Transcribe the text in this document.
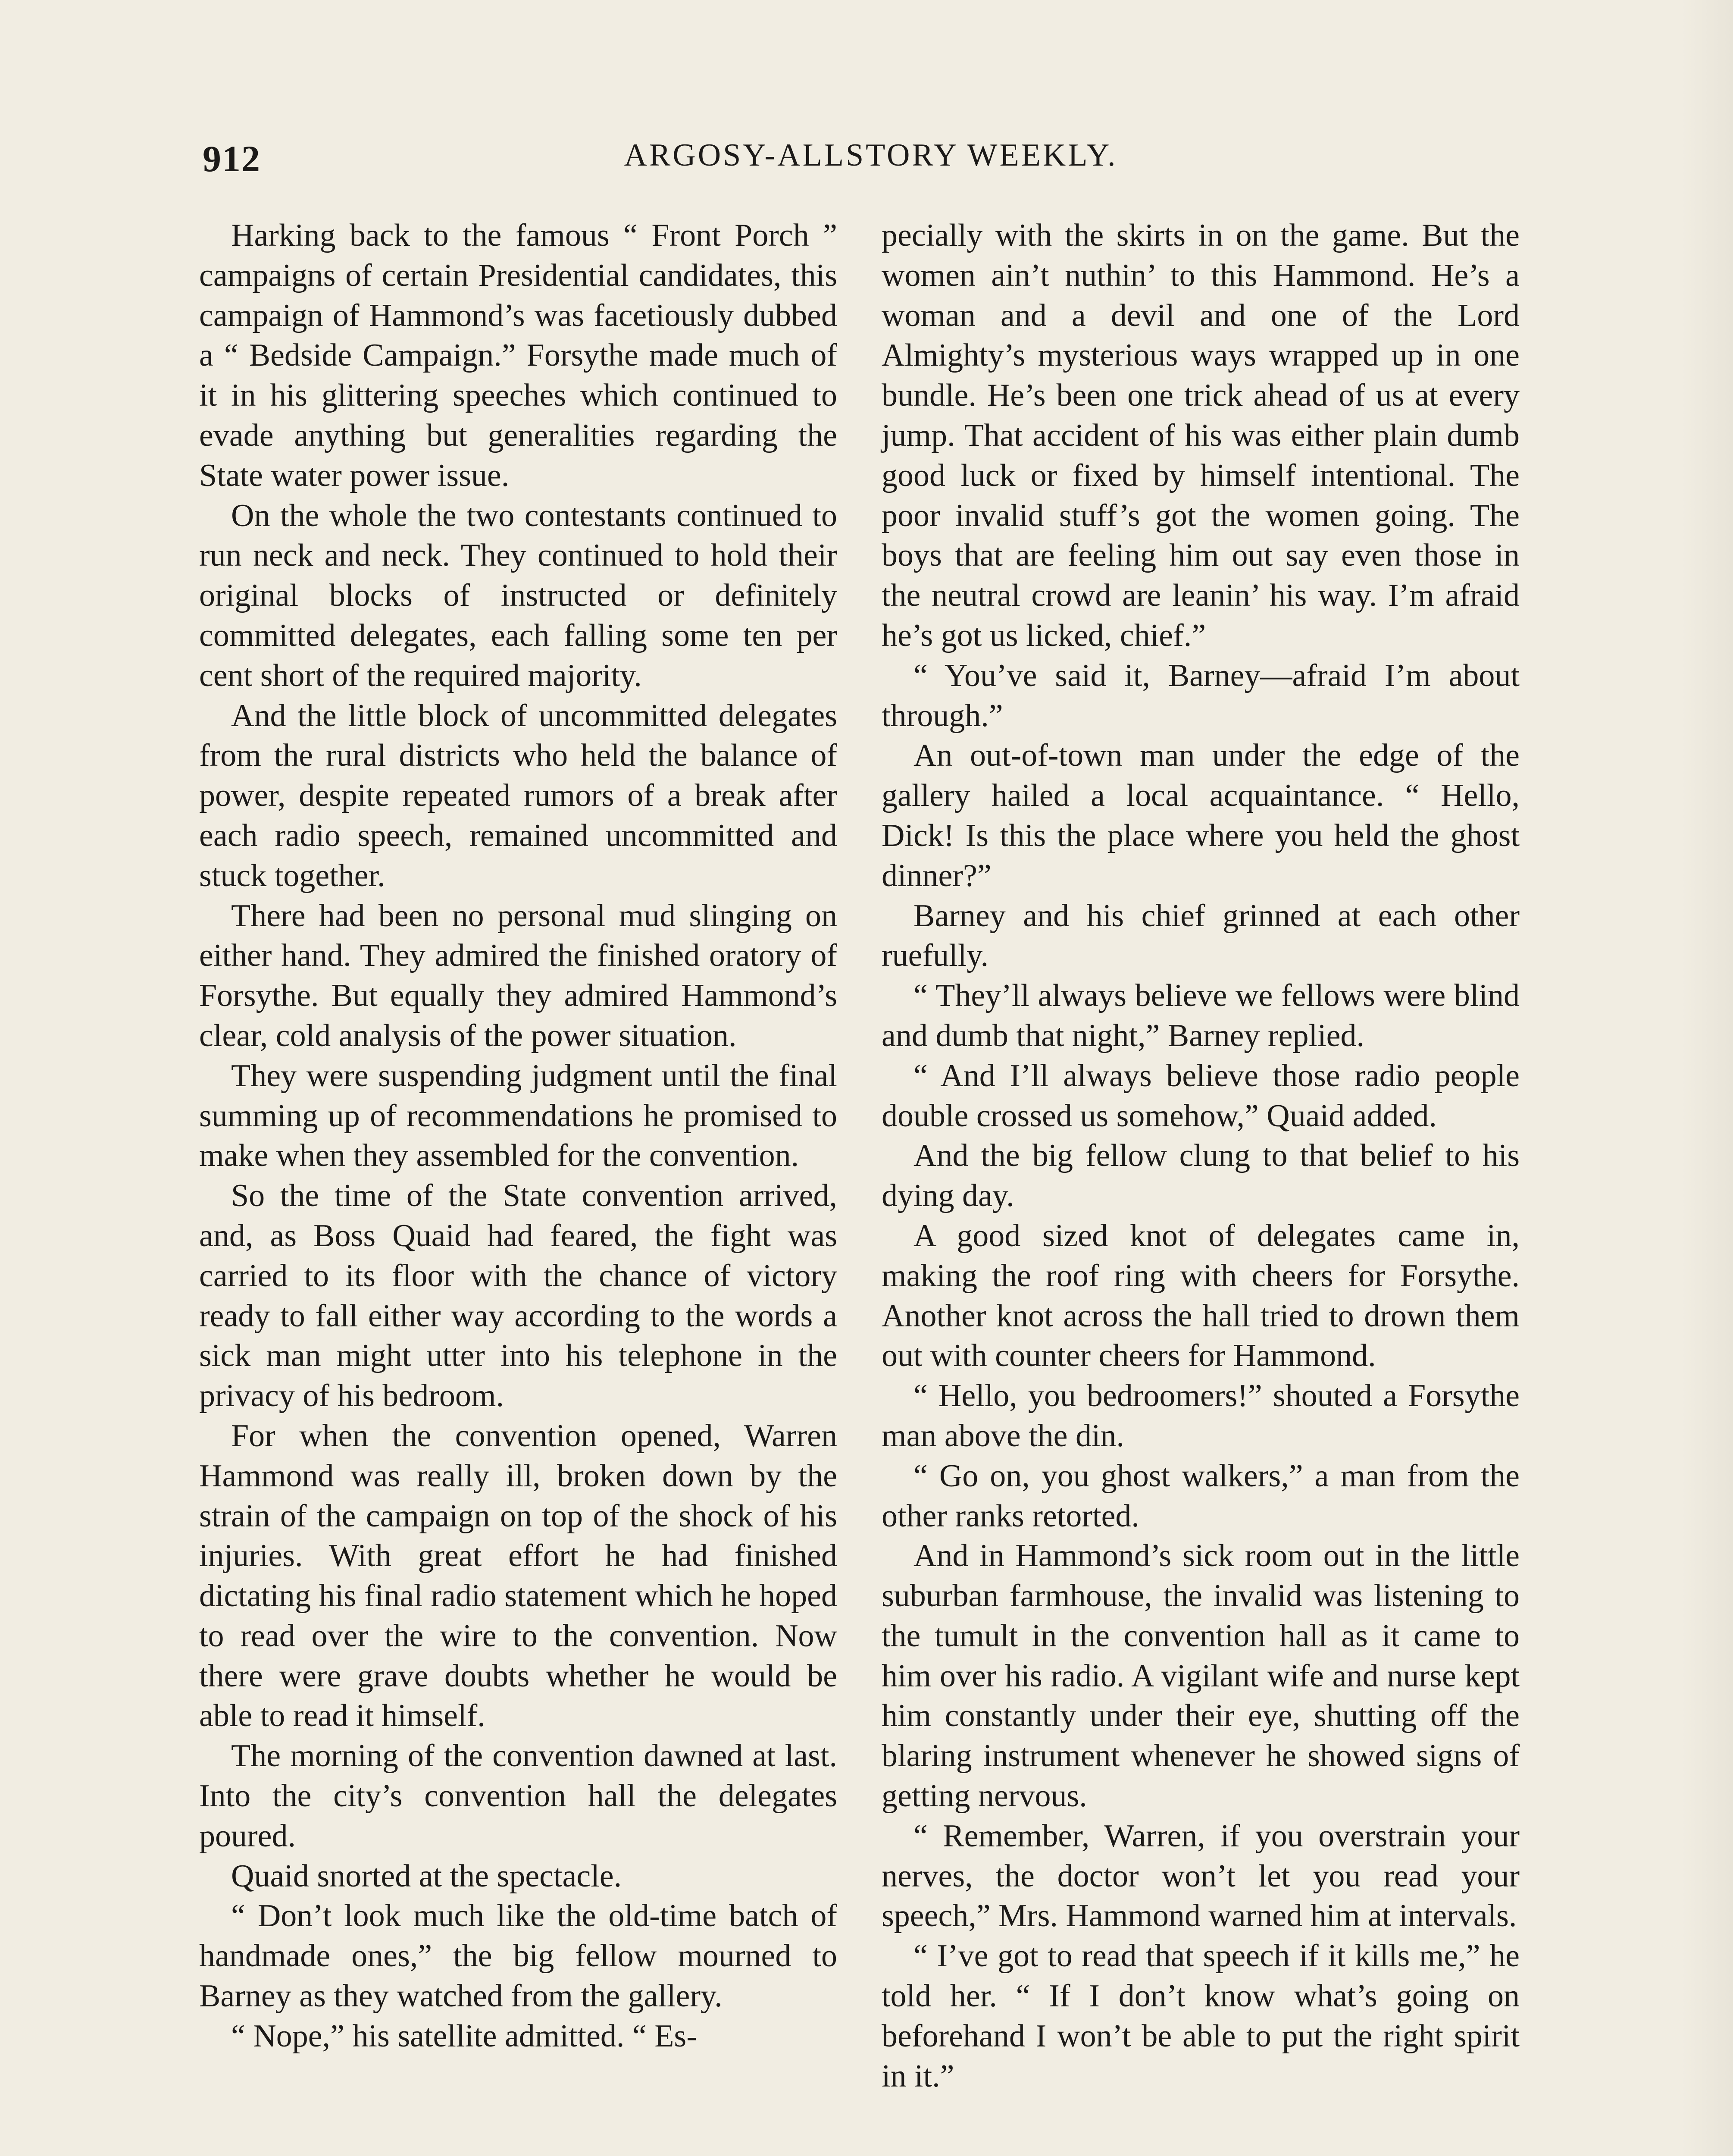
912	ARGOSY-ALLSTORY WEEKLY.

Harking back to the famous “ Front Porch ” campaigns of certain Presidential candidates, this campaign of Hammond’s was facetiously dubbed a “ Bedside Campaign.” Forsythe made much of it in his glittering speeches which continued to evade anything but generalities regarding the State water power issue.

On the whole the two contestants continued to run neck and neck. They continued to hold their original blocks of instructed or definitely committed delegates, each falling some ten per cent short of the required majority.

And the little block of uncommitted delegates from the rural districts who held the balance of power, despite repeated rumors of a break after each radio speech, remained uncommitted and stuck together.

There had been no personal mud slinging on either hand. They admired the finished oratory of Forsythe. But equally they admired Hammond’s clear, cold analysis of the power situation.

They were suspending judgment until the final summing up of recommendations he promised to make when they assembled for the convention.

So the time of the State convention arrived, and, as Boss Quaid had feared, the fight was carried to its floor with the chance of victory ready to fall either way according to the words a sick man might utter into his telephone in the privacy of his bedroom.

For when the convention opened, Warren Hammond was really ill, broken down by the strain of the campaign on top of the shock of his injuries. With great effort he had finished dictating his final radio statement which he hoped to read over the wire to the convention. Now there were grave doubts whether he would be able to read it himself.

The morning of the convention dawned at last. Into the city’s convention hall the delegates poured.

Quaid snorted at the spectacle.

“ Don’t look much like the old-time batch of handmade ones,” the big fellow mourned to Barney as they watched from the gallery.

“ Nope,” his satellite admitted. “ Es-

pecially with the skirts in on the game. But the women ain’t nuthin’ to this Hammond. He’s a woman and a devil and one of the Lord Almighty’s mysterious ways wrapped up in one bundle. He’s been one trick ahead of us at every jump. That accident of his was either plain dumb good luck or fixed by himself intentional. The poor invalid stuff’s got the women going. The boys that are feeling him out say even those in the neutral crowd are leanin’ his way. I’m afraid he’s got us licked, chief.”

“ You’ve said it, Barney—afraid I’m about through.”

An out-of-town man under the edge of the gallery hailed a local acquaintance. “ Hello, Dick! Is this the place where you held the ghost dinner?”

Barney and his chief grinned at each other ruefully.

“ They’ll always believe we fellows were blind and dumb that night,” Barney replied.

“ And I’ll always believe those radio people double crossed us somehow,” Quaid added.

And the big fellow clung to that belief to his dying day.

A good sized knot of delegates came in, making the roof ring with cheers for Forsythe. Another knot across the hall tried to drown them out with counter cheers for Hammond.

“ Hello, you bedroomers!” shouted a Forsythe man above the din.

“ Go on, you ghost walkers,” a man from the other ranks retorted.

And in Hammond’s sick room out in the little suburban farmhouse, the invalid was listening to the tumult in the convention hall as it came to him over his radio. A vigilant wife and nurse kept him constantly under their eye, shutting off the blaring instrument whenever he showed signs of getting nervous.

“ Remember, Warren, if you overstrain your nerves, the doctor won’t let you read your speech,” Mrs. Hammond warned him at intervals.

“ I’ve got to read that speech if it kills me,” he told her. “ If I don’t know what’s going on beforehand I won’t be able to put the right spirit in it.”
